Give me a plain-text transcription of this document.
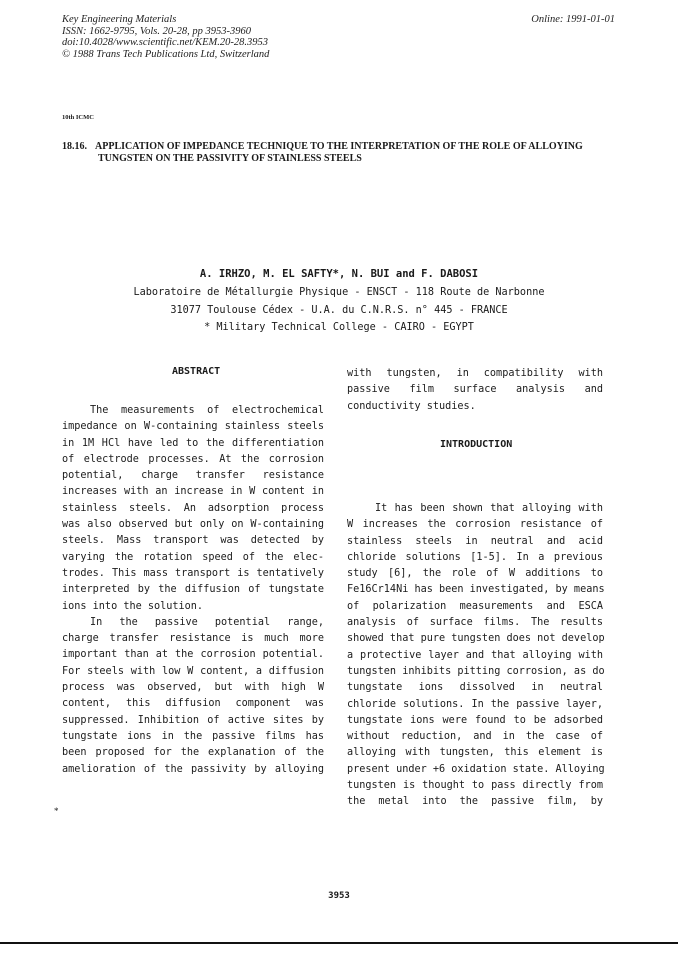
Key Engineering Materials
ISSN: 1662-9795, Vols. 20-28, pp 3953-3960
doi:10.4028/www.scientific.net/KEM.20-28.3953
© 1988 Trans Tech Publications Ltd, Switzerland
Online: 1991-01-01
10th ICMC
18.16. APPLICATION OF IMPEDANCE TECHNIQUE TO THE INTERPRETATION OF THE ROLE OF ALLOYING
TUNGSTEN ON THE PASSIVITY OF STAINLESS STEELS
A. IRHZO, M. EL SAFTY*, N. BUI and F. DABOSI
Laboratoire de Métallurgie Physique - ENSCT - 118 Route de Narbonne
31077 Toulouse Cédex - U.A. du C.N.R.S. n° 445 - FRANCE
* Military Technical College - CAIRO - EGYPT
ABSTRACT
The measurements of electrochemical
impedance on W-containing stainless steels
in 1M HCl have led to the differentiation
of electrode processes. At the corrosion
potential, charge transfer resistance
increases with an increase in W content in
stainless steels. An adsorption process
was also observed but only on W-containing
steels. Mass transport was detected by
varying the rotation speed of the elec-
trodes. This mass transport is tentatively
interpreted by the diffusion of tungstate
ions into the solution.
In the passive potential range,
charge transfer resistance is much more
important than at the corrosion potential.
For steels with low W content, a diffusion
process was observed, but with high W
content, this diffusion component was
suppressed. Inhibition of active sites by
tungstate ions in the passive films has
been proposed for the explanation of the
amelioration of the passivity by alloying
*
with tungsten, in compatibility with
passive film surface analysis and
conductivity studies.
INTRODUCTION
It has been shown that alloying with
W increases the corrosion resistance of
stainless steels in neutral and acid
chloride solutions [1-5]. In a previous
study [6], the role of W additions to
Fe16Cr14Ni has been investigated, by means
of polarization measurements and ESCA
analysis of surface films. The results
showed that pure tungsten does not develop
a protective layer and that alloying with
tungsten inhibits pitting corrosion, as do
tungstate ions dissolved in neutral
chloride solutions. In the passive layer,
tungstate ions were found to be adsorbed
without reduction, and in the case of
alloying with tungsten, this element is
present under +6 oxidation state. Alloying
tungsten is thought to pass directly from
the metal into the passive film, by
3953
